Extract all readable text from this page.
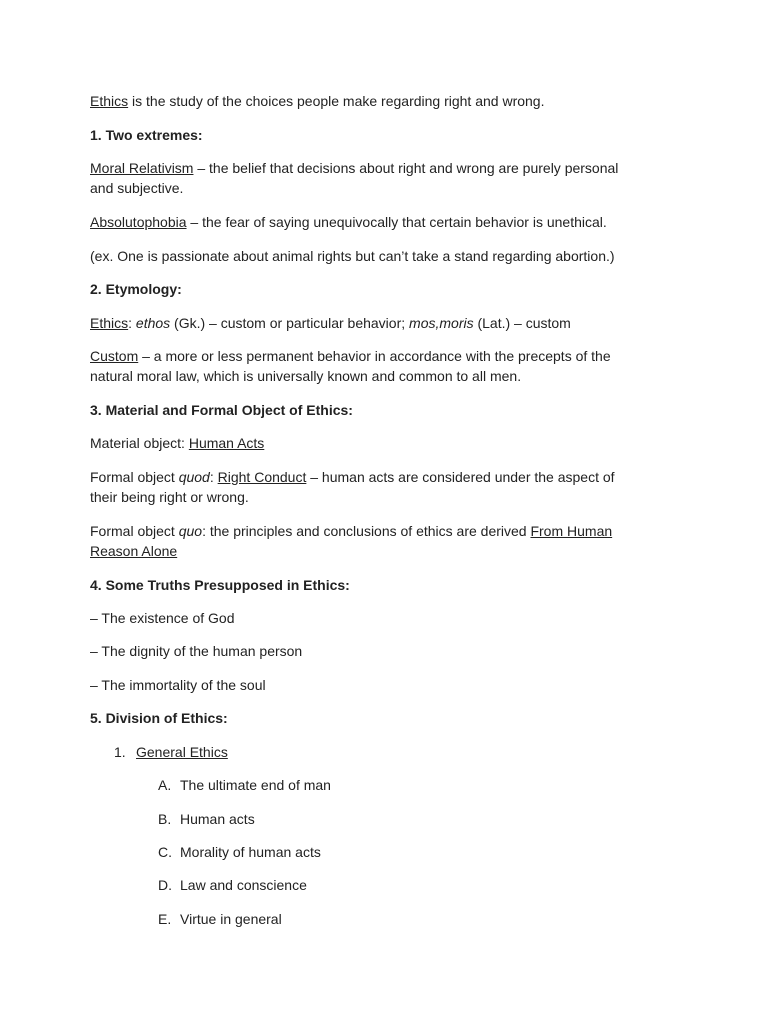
Ethics is the study of the choices people make regarding right and wrong.
1. Two extremes:
Moral Relativism – the belief that decisions about right and wrong are purely personal
and subjective.
Absolutophobia – the fear of saying unequivocally that certain behavior is unethical.
(ex. One is passionate about animal rights but can’t take a stand regarding abortion.)
2. Etymology:
Ethics: ethos (Gk.) – custom or particular behavior; mos,moris (Lat.) – custom
Custom – a more or less permanent behavior in accordance with the precepts of the
natural moral law, which is universally known and common to all men.
3. Material and Formal Object of Ethics:
Material object: Human Acts
Formal object quod: Right Conduct – human acts are considered under the aspect of
their being right or wrong.
Formal object quo: the principles and conclusions of ethics are derived From Human
Reason Alone
4. Some Truths Presupposed in Ethics:
– The existence of God
– The dignity of the human person
– The immortality of the soul
5. Division of Ethics:
1. General Ethics
A. The ultimate end of man
B. Human acts
C. Morality of human acts
D. Law and conscience
E. Virtue in general
